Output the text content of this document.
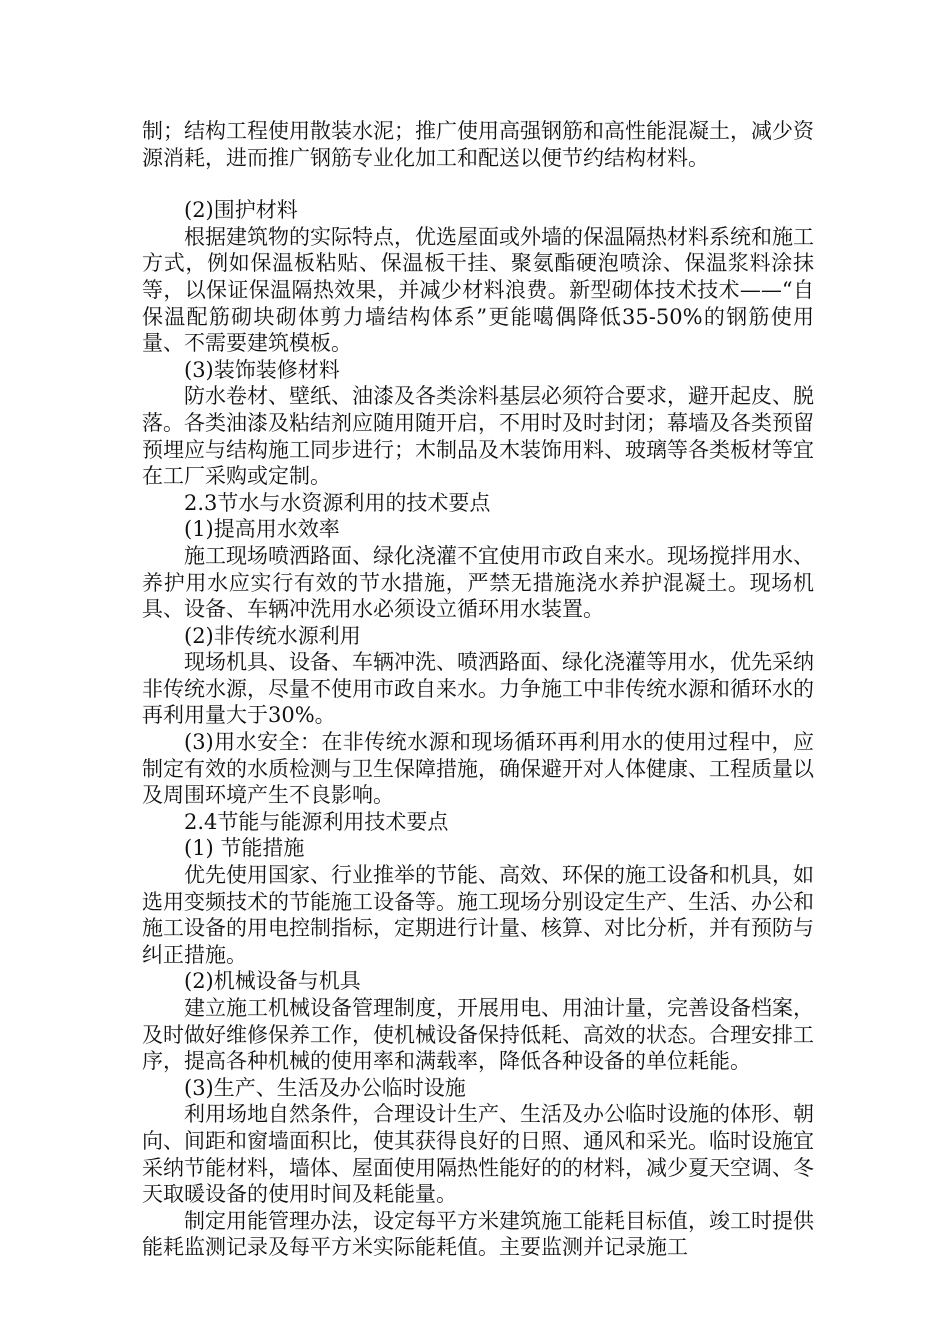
制；结构工程使用散装水泥；推广使用高强钢筋和高性能混凝土，减少资源消耗，进而推广钢筋专业化加工和配送以便节约结构材料。

(2)围护材料

根据建筑物的实际特点，优选屋面或外墙的保温隔热材料系统和施工方式，例如保温板粘贴、保温板干挂、聚氨酯硬泡喷涂、保温浆料涂抹等，以保证保温隔热效果，并减少材料浪费。新型砌体技术技术——“自保温配筋砌块砌体剪力墙结构体系”更能噶偶降低35-50%的钢筋使用量、不需要建筑模板。

(3)装饰装修材料

防水卷材、壁纸、油漆及各类涂料基层必须符合要求，避开起皮、脱落。各类油漆及粘结剂应随用随开启，不用时及时封闭；幕墙及各类预留预埋应与结构施工同步进行；木制品及木装饰用料、玻璃等各类板材等宜在工厂采购或定制。

2.3节水与水资源利用的技术要点

(1)提高用水效率

施工现场喷洒路面、绿化浇灌不宜使用市政自来水。现场搅拌用水、养护用水应实行有效的节水措施，严禁无措施浇水养护混凝土。现场机具、设备、车辆冲洗用水必须设立循环用水装置。

(2)非传统水源利用

现场机具、设备、车辆冲洗、喷洒路面、绿化浇灌等用水，优先采纳非传统水源，尽量不使用市政自来水。力争施工中非传统水源和循环水的再利用量大于30%。

(3)用水安全：在非传统水源和现场循环再利用水的使用过程中，应制定有效的水质检测与卫生保障措施，确保避开对人体健康、工程质量以及周围环境产生不良影响。

2.4节能与能源利用技术要点

(1) 节能措施

优先使用国家、行业推举的节能、高效、环保的施工设备和机具，如选用变频技术的节能施工设备等。施工现场分别设定生产、生活、办公和施工设备的用电控制指标，定期进行计量、核算、对比分析，并有预防与纠正措施。

(2)机械设备与机具

建立施工机械设备管理制度，开展用电、用油计量，完善设备档案，及时做好维修保养工作，使机械设备保持低耗、高效的状态。合理安排工序，提高各种机械的使用率和满载率，降低各种设备的单位耗能。

(3)生产、生活及办公临时设施

利用场地自然条件，合理设计生产、生活及办公临时设施的体形、朝向、间距和窗墙面积比，使其获得良好的日照、通风和采光。临时设施宜采纳节能材料，墙体、屋面使用隔热性能好的的材料，减少夏天空调、冬天取暖设备的使用时间及耗能量。

制定用能管理办法，设定每平方米建筑施工能耗目标值，竣工时提供能耗监测记录及每平方米实际能耗值。主要监测并记录施工
